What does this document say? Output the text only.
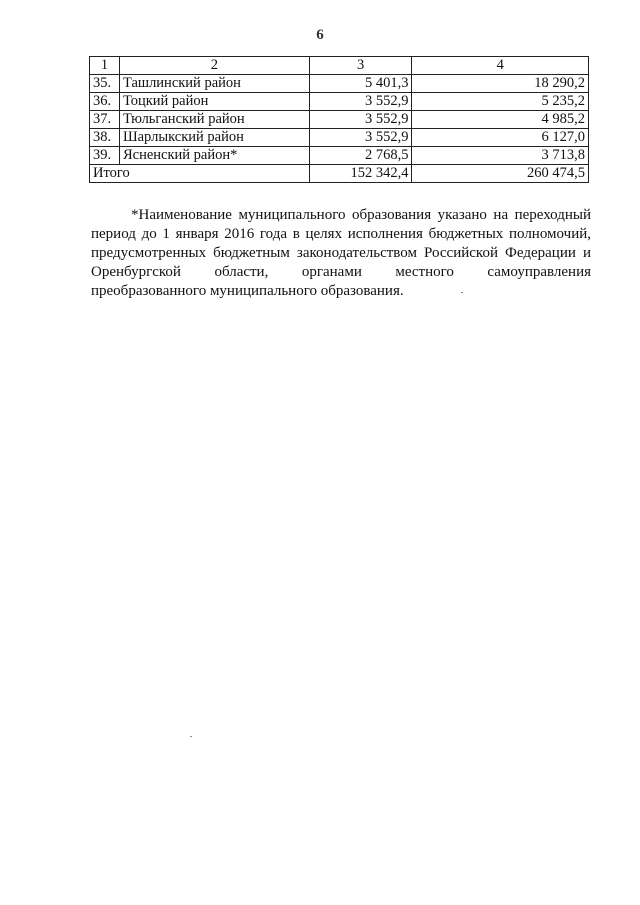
6
1	2	3	4
35.	Ташлинский район	5 401,3	18 290,2
36.	Тоцкий район	3 552,9	5 235,2
37.	Тюльганский район	3 552,9	4 985,2
38.	Шарлыкский район	3 552,9	6 127,0
39.	Ясненский район*	2 768,5	3 713,8
Итого		152 342,4	260 474,5
*Наименование муниципального образования указано на переходный
период до 1 января 2016 года в целях исполнения бюджетных полномочий,
предусмотренных бюджетным законодательством Российской Федерации и
Оренбургской области, органами местного самоуправления
преобразованного муниципального образования.
